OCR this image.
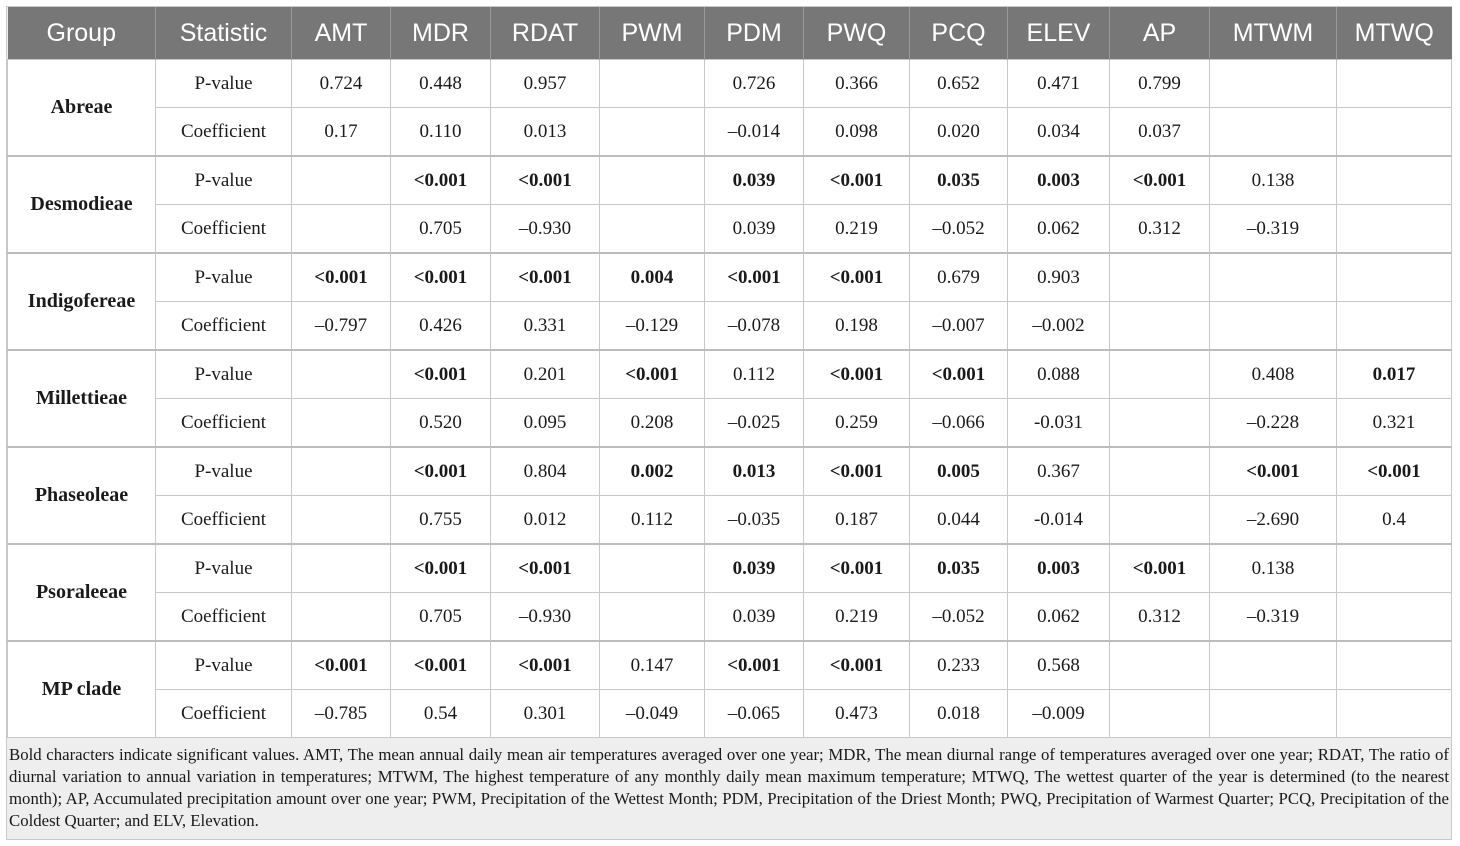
Group	Statistic	AMT	MDR	RDAT	PWM	PDM	PWQ	PCQ	ELEV	AP	MTWM	MTWQ
Abreae	P-value	0.724	0.448	0.957		0.726	0.366	0.652	0.471	0.799		
	Coefficient	0.17	0.110	0.013		–0.014	0.098	0.020	0.034	0.037		
Desmodieae	P-value		<0.001	<0.001		0.039	<0.001	0.035	0.003	<0.001	0.138	
	Coefficient		0.705	–0.930		0.039	0.219	–0.052	0.062	0.312	–0.319	
Indigofereae	P-value	<0.001	<0.001	<0.001	0.004	<0.001	<0.001	0.679	0.903			
	Coefficient	–0.797	0.426	0.331	–0.129	–0.078	0.198	–0.007	–0.002			
Millettieae	P-value		<0.001	0.201	<0.001	0.112	<0.001	<0.001	0.088		0.408	0.017
	Coefficient		0.520	0.095	0.208	–0.025	0.259	–0.066	-0.031		–0.228	0.321
Phaseoleae	P-value		<0.001	0.804	0.002	0.013	<0.001	0.005	0.367		<0.001	<0.001
	Coefficient		0.755	0.012	0.112	–0.035	0.187	0.044	-0.014		–2.690	0.4
Psoraleeae	P-value		<0.001	<0.001		0.039	<0.001	0.035	0.003	<0.001	0.138	
	Coefficient		0.705	–0.930		0.039	0.219	–0.052	0.062	0.312	–0.319	
MP clade	P-value	<0.001	<0.001	<0.001	0.147	<0.001	<0.001	0.233	0.568			
	Coefficient	–0.785	0.54	0.301	–0.049	–0.065	0.473	0.018	–0.009			
Bold characters indicate significant values. AMT, The mean annual daily mean air temperatures averaged over one year; MDR, The mean diurnal range of temperatures averaged over one year; RDAT, The ratio of diurnal variation to annual variation in temperatures; MTWM, The highest temperature of any monthly daily mean maximum temperature; MTWQ, The wettest quarter of the year is determined (to the nearest month); AP, Accumulated precipitation amount over one year; PWM, Precipitation of the Wettest Month; PDM, Precipitation of the Driest Month; PWQ, Precipitation of Warmest Quarter; PCQ, Precipitation of the Coldest Quarter; and ELV, Elevation.
